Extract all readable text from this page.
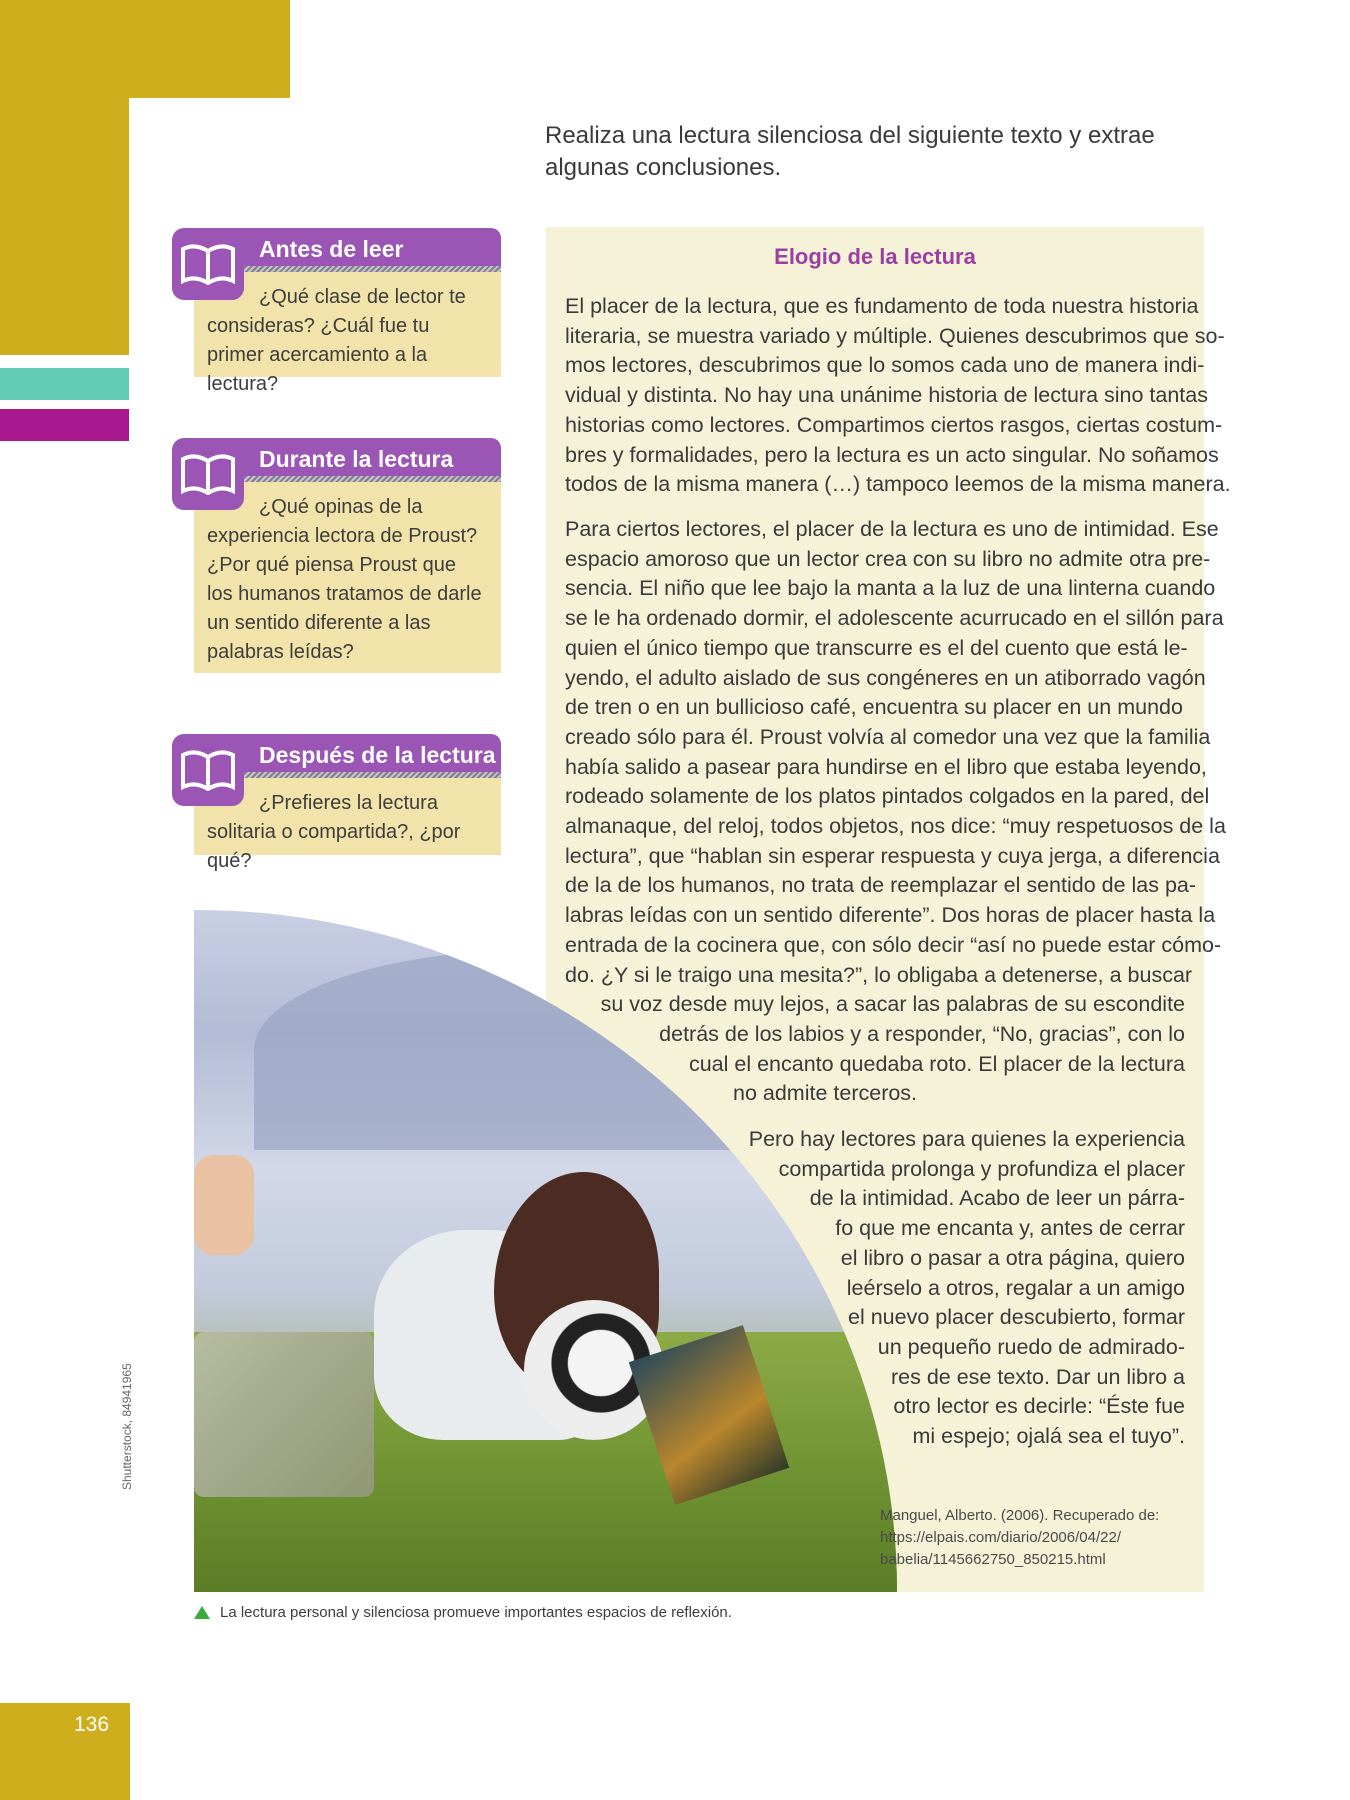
136
Realiza una lectura silenciosa del siguiente texto y extrae algunas conclusiones.
Antes de leer
¿Qué clase de lector te consideras? ¿Cuál fue tu primer acercamiento a la lectura?
Durante la lectura
¿Qué opinas de la experiencia lectora de Proust? ¿Por qué piensa Proust que los humanos tratamos de darle un sentido diferente a las palabras leídas?
Después de la lectura
¿Prefieres la lectura solitaria o compartida?, ¿por qué?
Elogio de la lectura
El placer de la lectura, que es fundamento de toda nuestra historia
literaria, se muestra variado y múltiple. Quienes descubrimos que so-
mos lectores, descubrimos que lo somos cada uno de manera indi-
vidual y distinta. No hay una unánime historia de lectura sino tantas
historias como lectores. Compartimos ciertos rasgos, ciertas costum-
bres y formalidades, pero la lectura es un acto singular. No soñamos
todos de la misma manera (…) tampoco leemos de la misma manera.
Para ciertos lectores, el placer de la lectura es uno de intimidad. Ese
espacio amoroso que un lector crea con su libro no admite otra pre-
sencia. El niño que lee bajo la manta a la luz de una linterna cuando
se le ha ordenado dormir, el adolescente acurrucado en el sillón para
quien el único tiempo que transcurre es el del cuento que está le-
yendo, el adulto aislado de sus congéneres en un atiborrado vagón
de tren o en un bullicioso café, encuentra su placer en un mundo
creado sólo para él. Proust volvía al comedor una vez que la familia
había salido a pasear para hundirse en el libro que estaba leyendo,
rodeado solamente de los platos pintados colgados en la pared, del
almanaque, del reloj, todos objetos, nos dice: “muy respetuosos de la
lectura”, que “hablan sin esperar respuesta y cuya jerga, a diferencia
de la de los humanos, no trata de reemplazar el sentido de las pa-
labras leídas con un sentido diferente”. Dos horas de placer hasta la
entrada de la cocinera que, con sólo decir “así no puede estar cómo-
do. ¿Y si le traigo una mesita?”, lo obligaba a detenerse, a buscar
su voz desde muy lejos, a sacar las palabras de su escondite
detrás de los labios y a responder, “No, gracias”, con lo
cual el encanto quedaba roto. El placer de la lectura
no admite terceros.
Pero hay lectores para quienes la experiencia
compartida prolonga y profundiza el placer
de la intimidad. Acabo de leer un párra-
fo que me encanta y, antes de cerrar
el libro o pasar a otra página, quiero
leérselo a otros, regalar a un amigo
el nuevo placer descubierto, formar
un pequeño ruedo de admirado-
res de ese texto. Dar un libro a
otro lector es decirle: “Éste fue
mi espejo; ojalá sea el tuyo”.
Manguel, Alberto. (2006). Recuperado de:
https://elpais.com/diario/2006/04/22/
babelia/1145662750_850215.html
Shutterstock, 84941965
La lectura personal y silenciosa promueve importantes espacios de reflexión.
